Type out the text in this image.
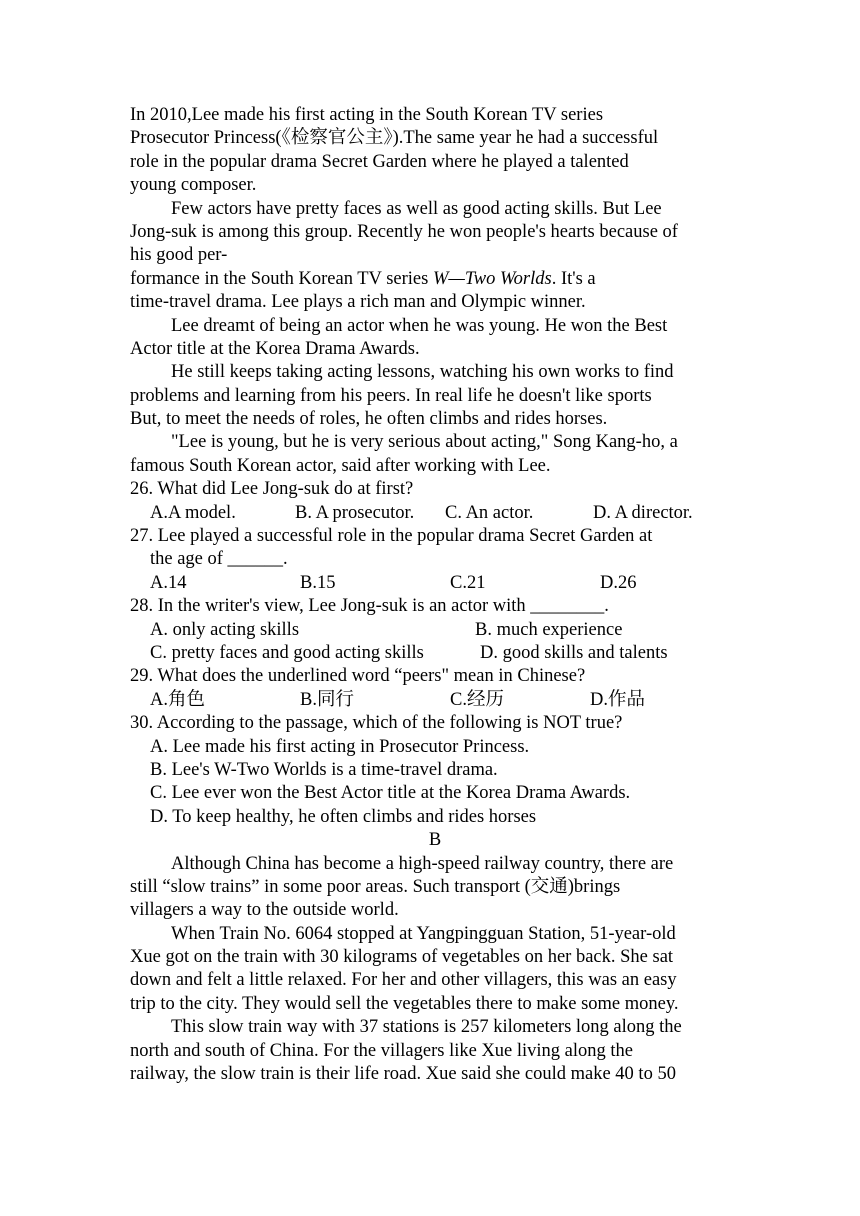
In 2010,Lee made his first acting in the South Korean TV series
Prosecutor Princess(《检察官公主》).The same year he had a successful
role in the popular drama Secret Garden where he played a talented
young composer.
Few actors have pretty faces as well as good acting skills. But Lee
Jong-suk is among this group. Recently he won people's hearts because of
his good per-
formance in the South Korean TV series W—Two Worlds. It's a
time-travel drama. Lee plays a rich man and Olympic winner.
Lee dreamt of being an actor when he was young. He won the Best
Actor title at the Korea Drama Awards.
He still keeps taking acting lessons, watching his own works to find
problems and learning from his peers. In real life he doesn't like sports
But, to meet the needs of roles, he often climbs and rides horses.
"Lee is young, but he is very serious about acting," Song Kang-ho, a
famous South Korean actor, said after working with Lee.
26. What did Lee Jong-suk do at first?
A.A model.	B. A prosecutor. C. An actor.	D. A director.
27. Lee played a successful role in the popular drama Secret Garden at
the age of ______.
A.14	B.15	C.21	D.26
28. In the writer's view, Lee Jong-suk is an actor with ________.
A. only acting skills	B. much experience
C. pretty faces and good acting skills	D. good skills and talents
29. What does the underlined word “peers" mean in Chinese?
A.角色	B.同行	C.经历	D.作品
30. According to the passage, which of the following is NOT true?
A. Lee made his first acting in Prosecutor Princess.
B. Lee's W-Two Worlds is a time-travel drama.
C. Lee ever won the Best Actor title at the Korea Drama Awards.
D. To keep healthy, he often climbs and rides horses
B
Although China has become a high-speed railway country, there are
still “slow trains” in some poor areas. Such transport (交通)brings
villagers a way to the outside world.
When Train No. 6064 stopped at Yangpingguan Station, 51-year-old
Xue got on the train with 30 kilograms of vegetables on her back. She sat
down and felt a little relaxed. For her and other villagers, this was an easy
trip to the city. They would sell the vegetables there to make some money.
This slow train way with 37 stations is 257 kilometers long along the
north and south of China. For the villagers like Xue living along the
railway, the slow train is their life road. Xue said she could make 40 to 50
